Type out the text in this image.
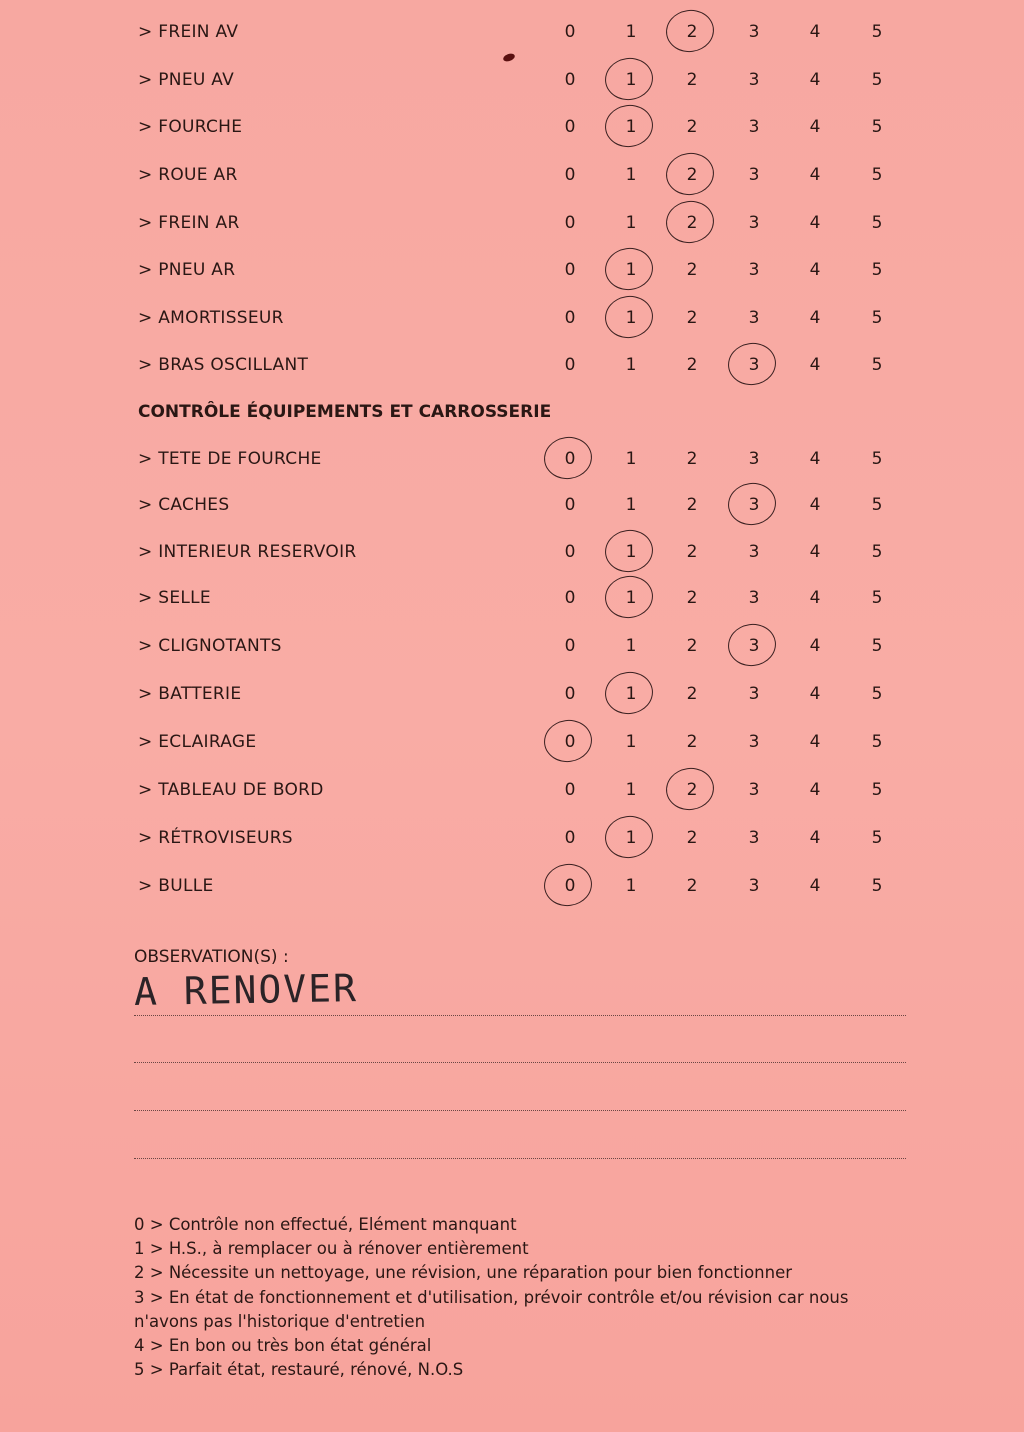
> FREIN AV	0	1	2	3	4	5
> PNEU AV	0	1	2	3	4	5
> FOURCHE	0	1	2	3	4	5
> ROUE AR	0	1	2	3	4	5
> FREIN AR	0	1	2	3	4	5
> PNEU AR	0	1	2	3	4	5
> AMORTISSEUR	0	1	2	3	4	5
> BRAS OSCILLANT	0	1	2	3	4	5
CONTRÔLE ÉQUIPEMENTS ET CARROSSERIE
> TETE DE FOURCHE	0	1	2	3	4	5
> CACHES	0	1	2	3	4	5
> INTERIEUR RESERVOIR	0	1	2	3	4	5
> SELLE	0	1	2	3	4	5
> CLIGNOTANTS	0	1	2	3	4	5
> BATTERIE	0	1	2	3	4	5
> ECLAIRAGE	0	1	2	3	4	5
> TABLEAU DE BORD	0	1	2	3	4	5
> RÉTROVISEURS	0	1	2	3	4	5
> BULLE	0	1	2	3	4	5
OBSERVATION(S) :
A RENOVER
0 > Contrôle non effectué, Elément manquant
1 > H.S., à remplacer ou à rénover entièrement
2 > Nécessite un nettoyage, une révision, une réparation pour bien fonctionner
3 > En état de fonctionnement et d'utilisation, prévoir contrôle et/ou révision car nous n'avons pas l'historique d'entretien
4 > En bon ou très bon état général
5 > Parfait état, restauré, rénové, N.O.S
